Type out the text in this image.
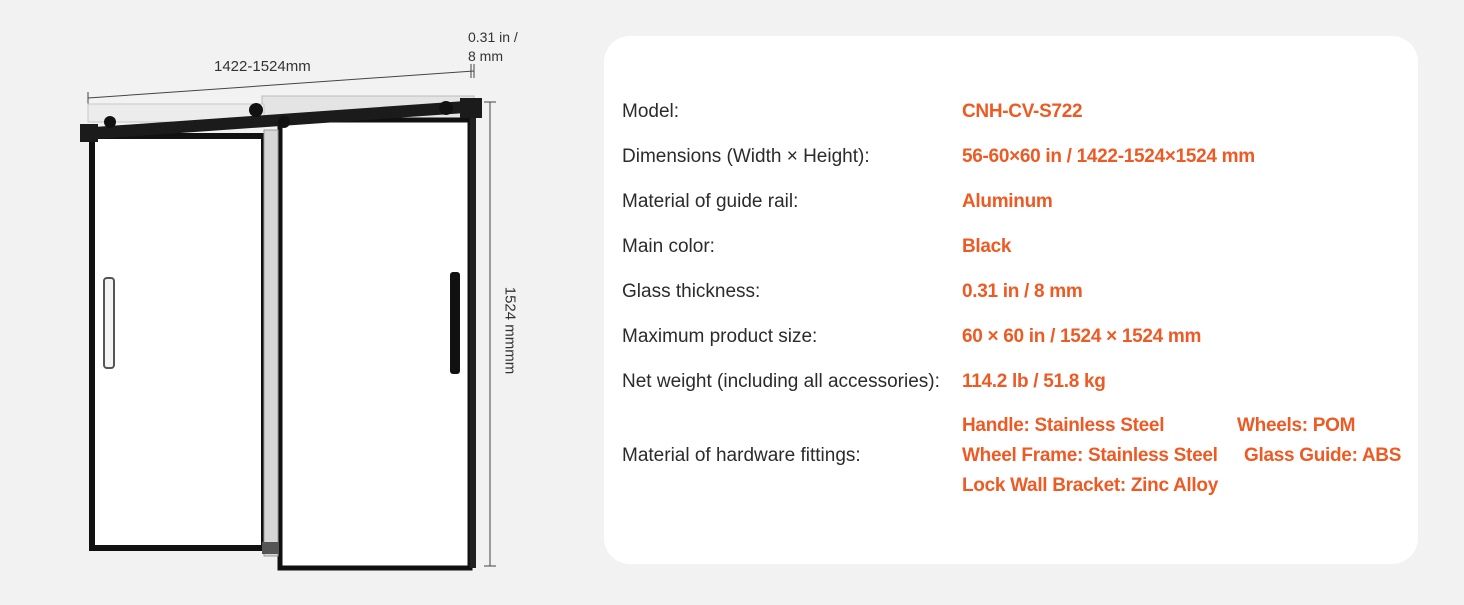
1422-1524mm
0.31 in /
8 mm
1524 mmmm
Model:	CNH-CV-S722
Dimensions (Width × Height):	56-60×60 in / 1422-1524×1524 mm
Material of guide rail:	Aluminum
Main color:	Black
Glass thickness:	0.31 in / 8 mm
Maximum product size:	60 × 60 in / 1524 × 1524 mm
Net weight (including all accessories):	114.2 lb / 51.8 kg
Material of hardware fittings:
Handle: Stainless Steel	Wheels: POM
Wheel Frame: Stainless Steel Glass Guide: ABS
Lock Wall Bracket: Zinc Alloy
